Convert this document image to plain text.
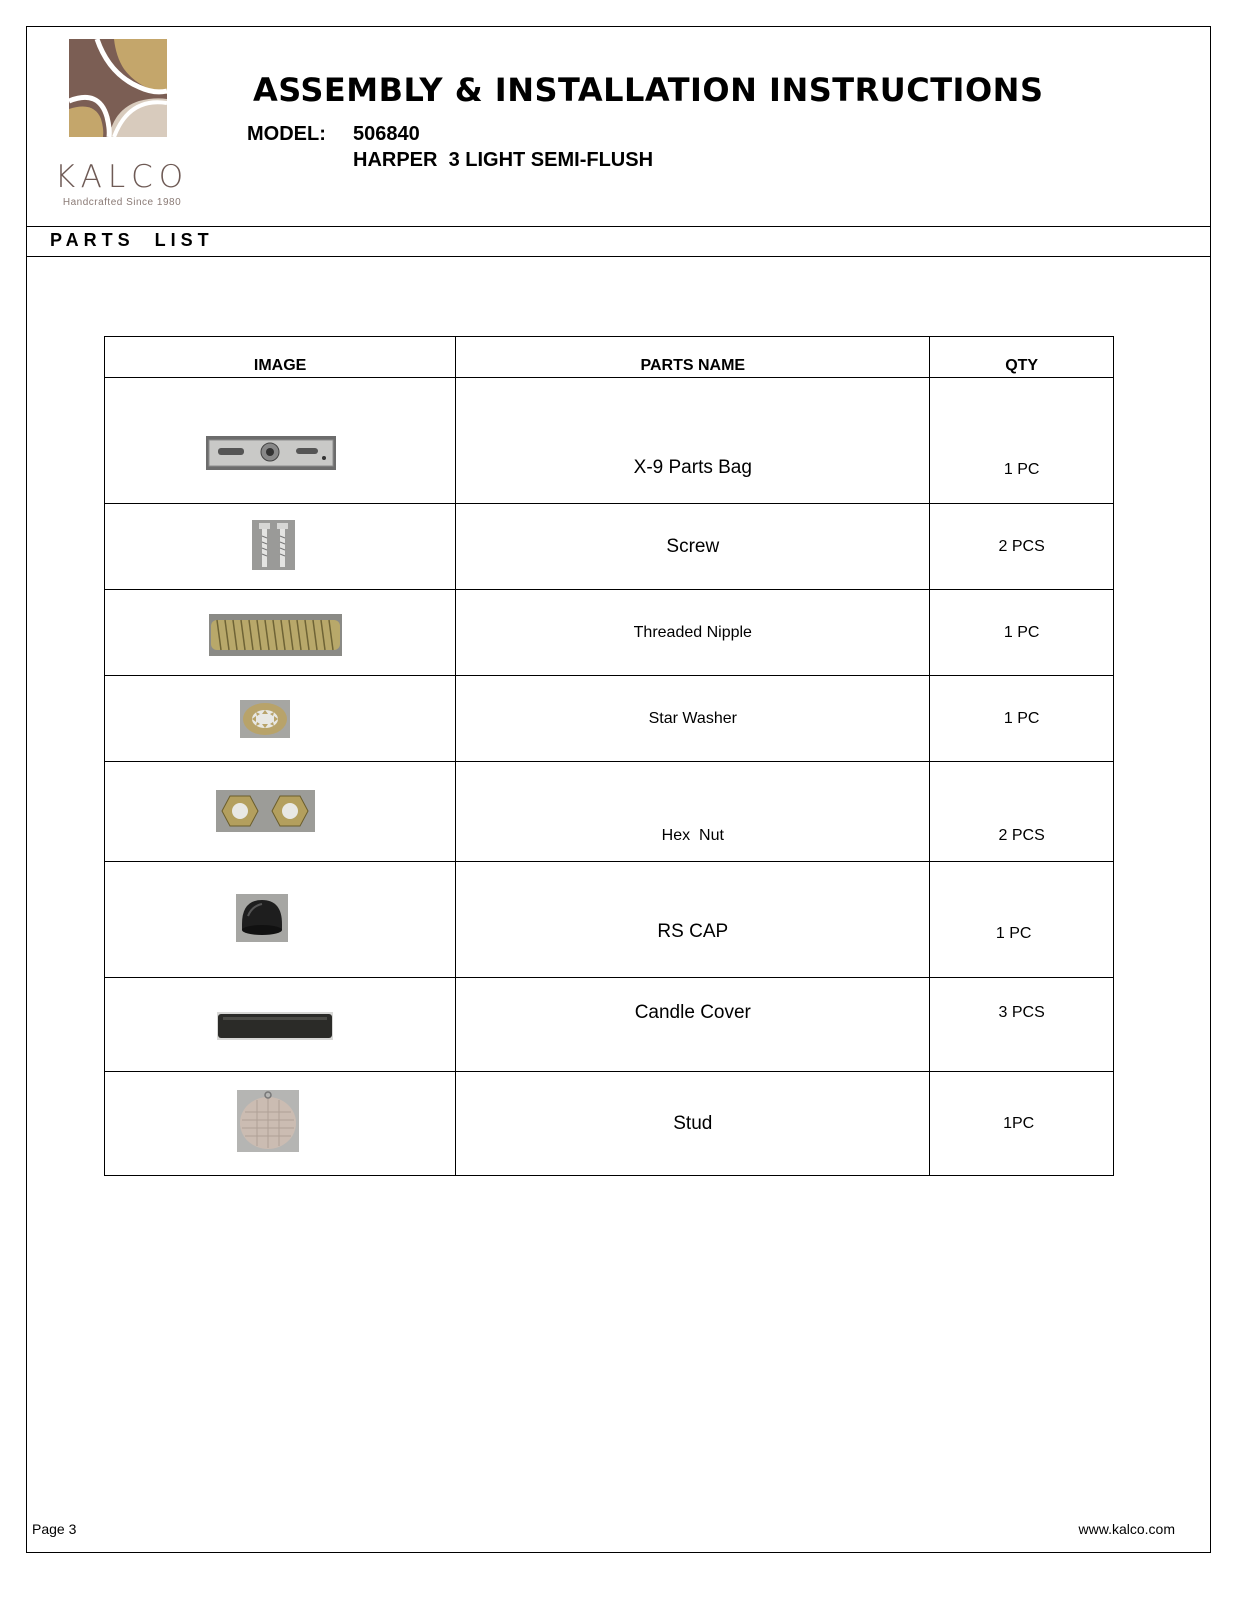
KALCO
Handcrafted Since 1980
ASSEMBLY & INSTALLATION INSTRUCTIONS
MODEL: 506840
HARPER  3 LIGHT SEMI-FLUSH
PARTS  LIST
IMAGE	PARTS NAME	QTY

	X-9 Parts Bag	1 PC

	Screw	2 PCS

	Threaded Nipple	1 PC

	Star Washer	1 PC

	Hex  Nut	2 PCS

	RS CAP	1 PC

	Candle Cover	3 PCS

	Stud	1PC
Page 3	www.kalco.com
